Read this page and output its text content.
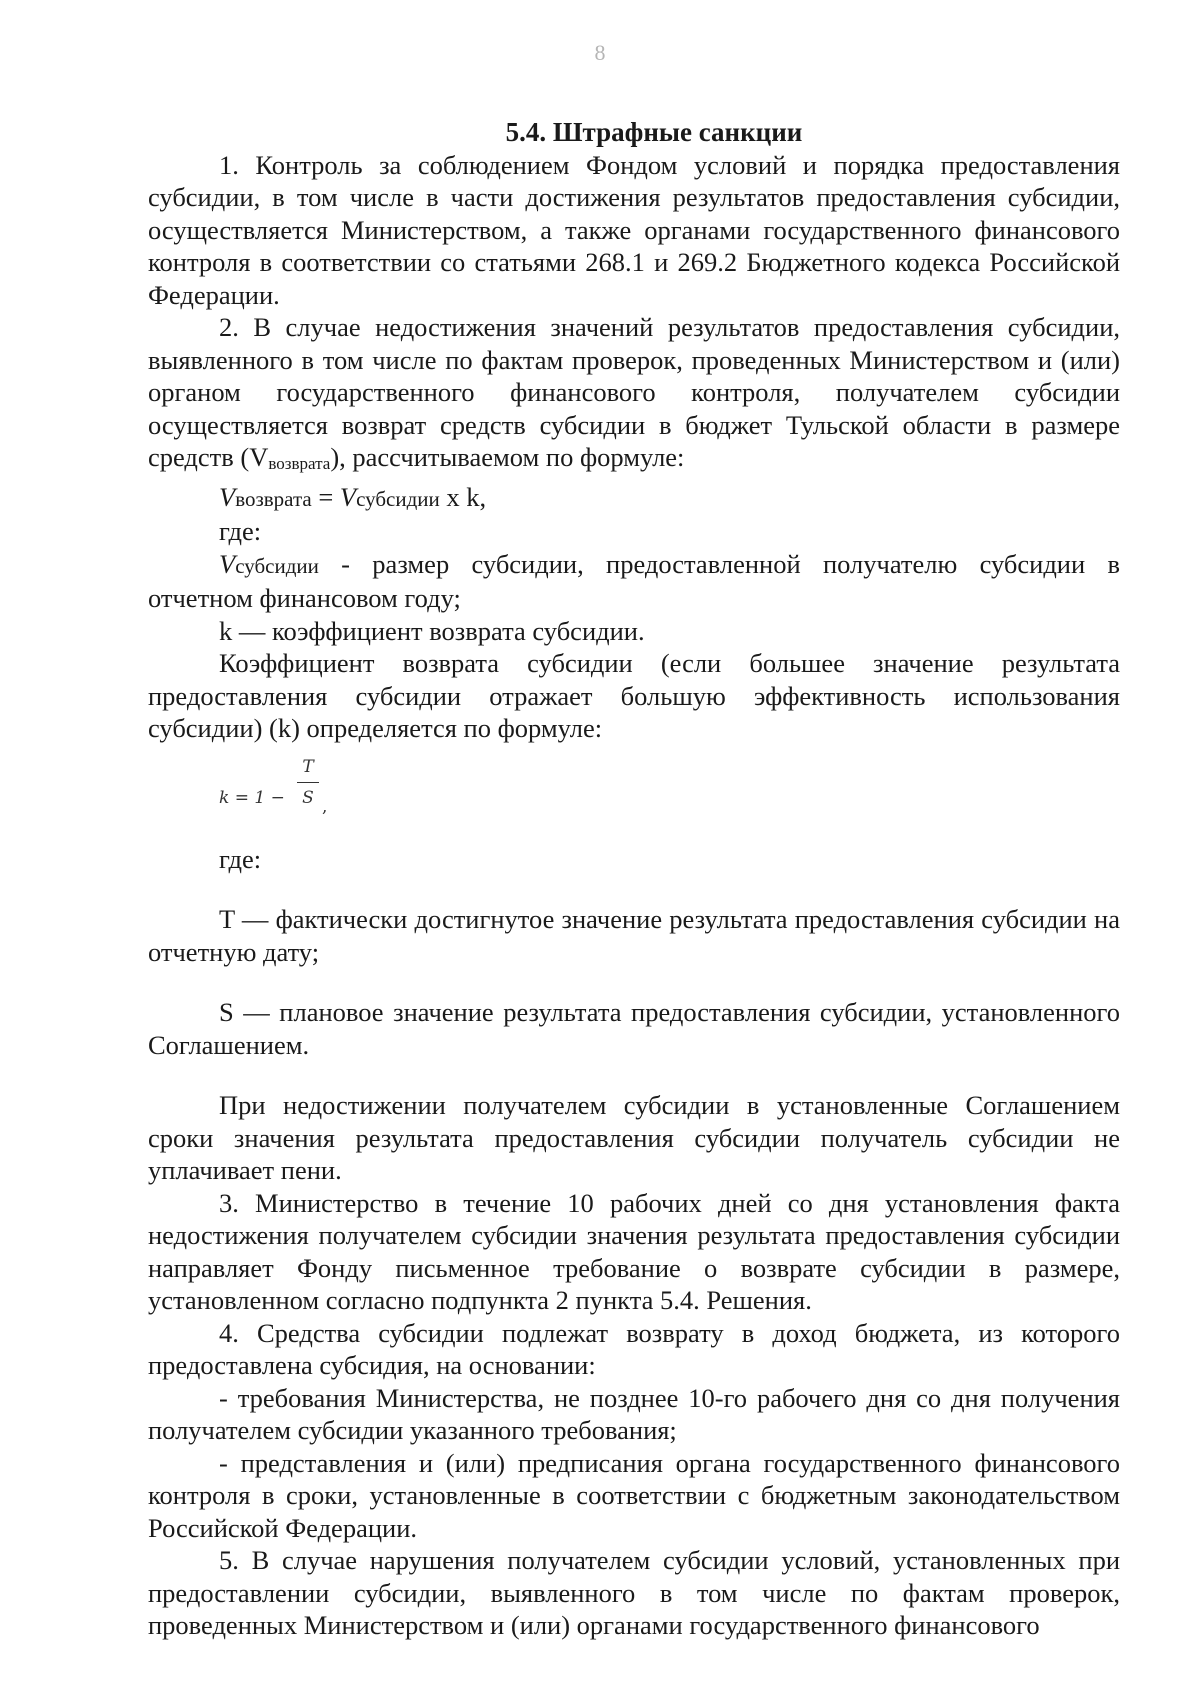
8
5.4. Штрафные санкции

1. Контроль за соблюдением Фондом условий и порядка предоставления субсидии, в том числе в части достижения результатов предоставления субсидии, осуществляется Министерством, а также органами государственного финансового контроля в соответствии со статьями 268.1 и 269.2 Бюджетного кодекса Российской Федерации.

2. В случае недостижения значений результатов предоставления субсидии, выявленного в том числе по фактам проверок, проведенных Министерством и (или) органом государственного финансового контроля, получателем субсидии осуществляется возврат средств субсидии в бюджет Тульской области в размере средств (Vвозврата), рассчитываемом по формуле:

Vвозврата = Vсубсидии x k,

где:

Vсубсидии - размер субсидии, предоставленной получателю субсидии в отчетном финансовом году;

k — коэффициент возврата субсидии.

Коэффициент возврата субсидии (если большее значение результата предоставления субсидии отражает большую эффективность использования субсидии) (k) определяется по формуле:

k = 1 −
T
S ,

где:

T — фактически достигнутое значение результата предоставления субсидии на отчетную дату;

S — плановое значение результата предоставления субсидии, установленного Соглашением.

При недостижении получателем субсидии в установленные Соглашением сроки значения результата предоставления субсидии получатель субсидии не уплачивает пени.

3. Министерство в течение 10 рабочих дней со дня установления факта недостижения получателем субсидии значения результата предоставления субсидии направляет Фонду письменное требование о возврате субсидии в размере, установленном согласно подпункта 2 пункта 5.4. Решения.

4. Средства субсидии подлежат возврату в доход бюджета, из которого предоставлена субсидия, на основании:

- требования Министерства, не позднее 10-го рабочего дня со дня получения получателем субсидии указанного требования;

- представления и (или) предписания органа государственного финансового контроля в сроки, установленные в соответствии с бюджетным законодательством Российской Федерации.

5. В случае нарушения получателем субсидии условий, установленных при предоставлении субсидии, выявленного в том числе по фактам проверок, проведенных Министерством и (или) органами государственного финансового
